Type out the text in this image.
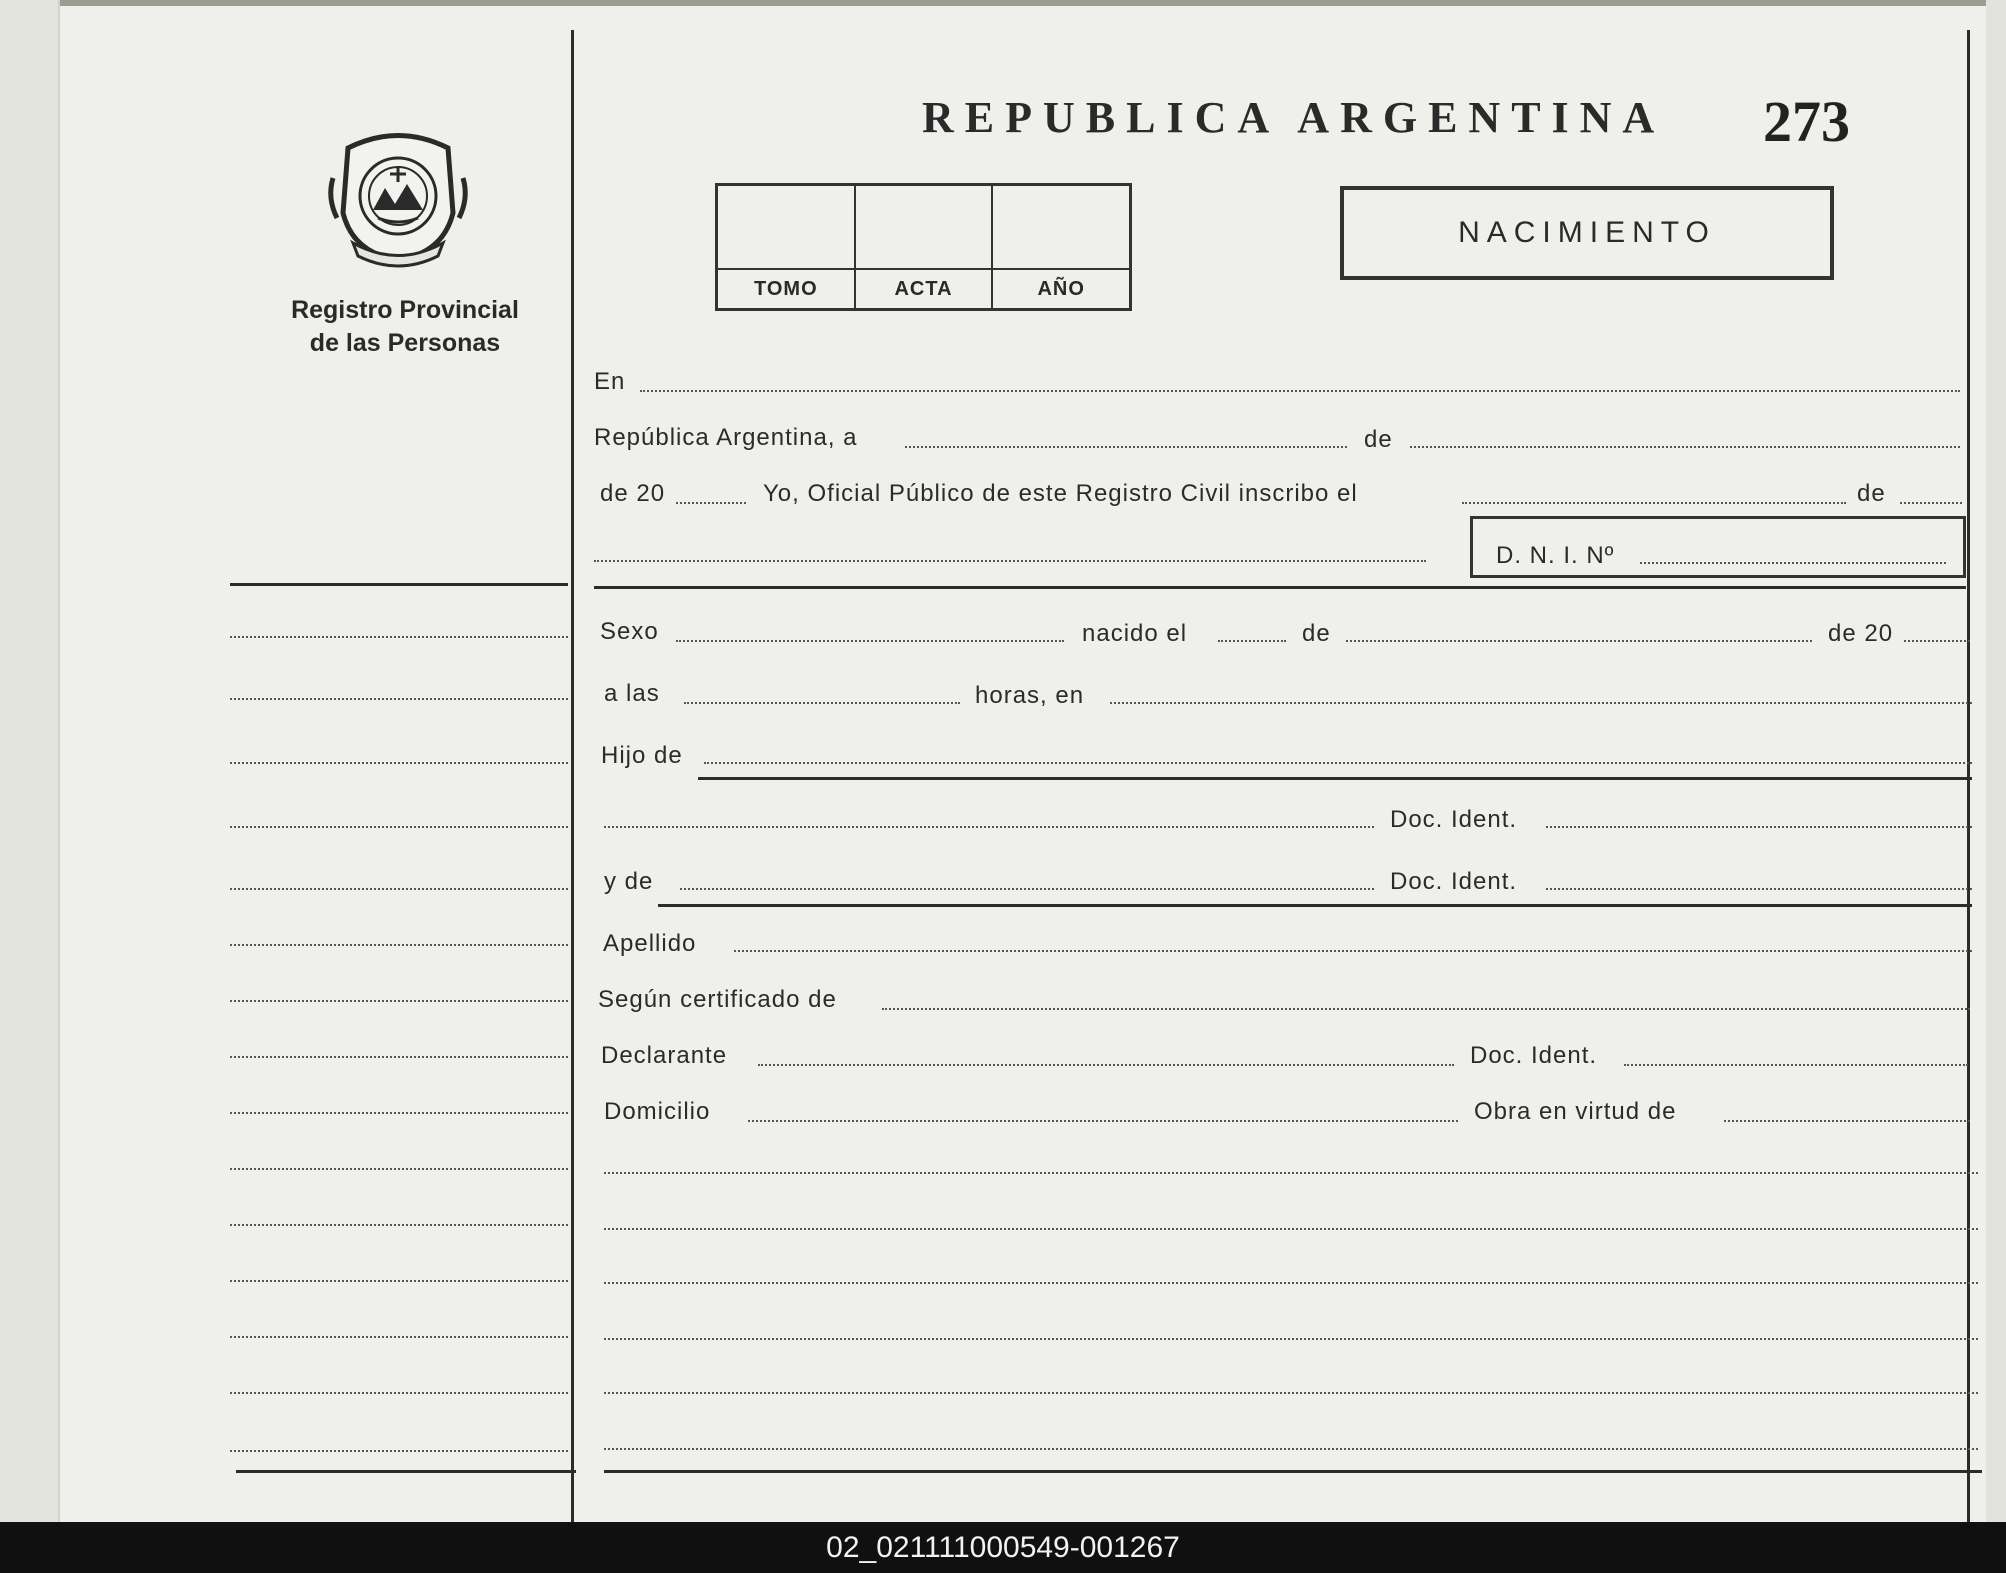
Registro Provincial
de las Personas
REPUBLICA ARGENTINA 273
TOMO	ACTA	AÑO
NACIMIENTO
En
República Argentina, a	de
de 20	Yo, Oficial Público de este Registro Civil inscribo el	de
D. N. I. Nº
Sexo	nacido el	de	de 20
a las	horas, en
Hijo de
Doc. Ident.
y de	Doc. Ident.
Apellido
Según certificado de
Declarante	Doc. Ident.
Domicilio	Obra en virtud de
02_021111000549-001267
